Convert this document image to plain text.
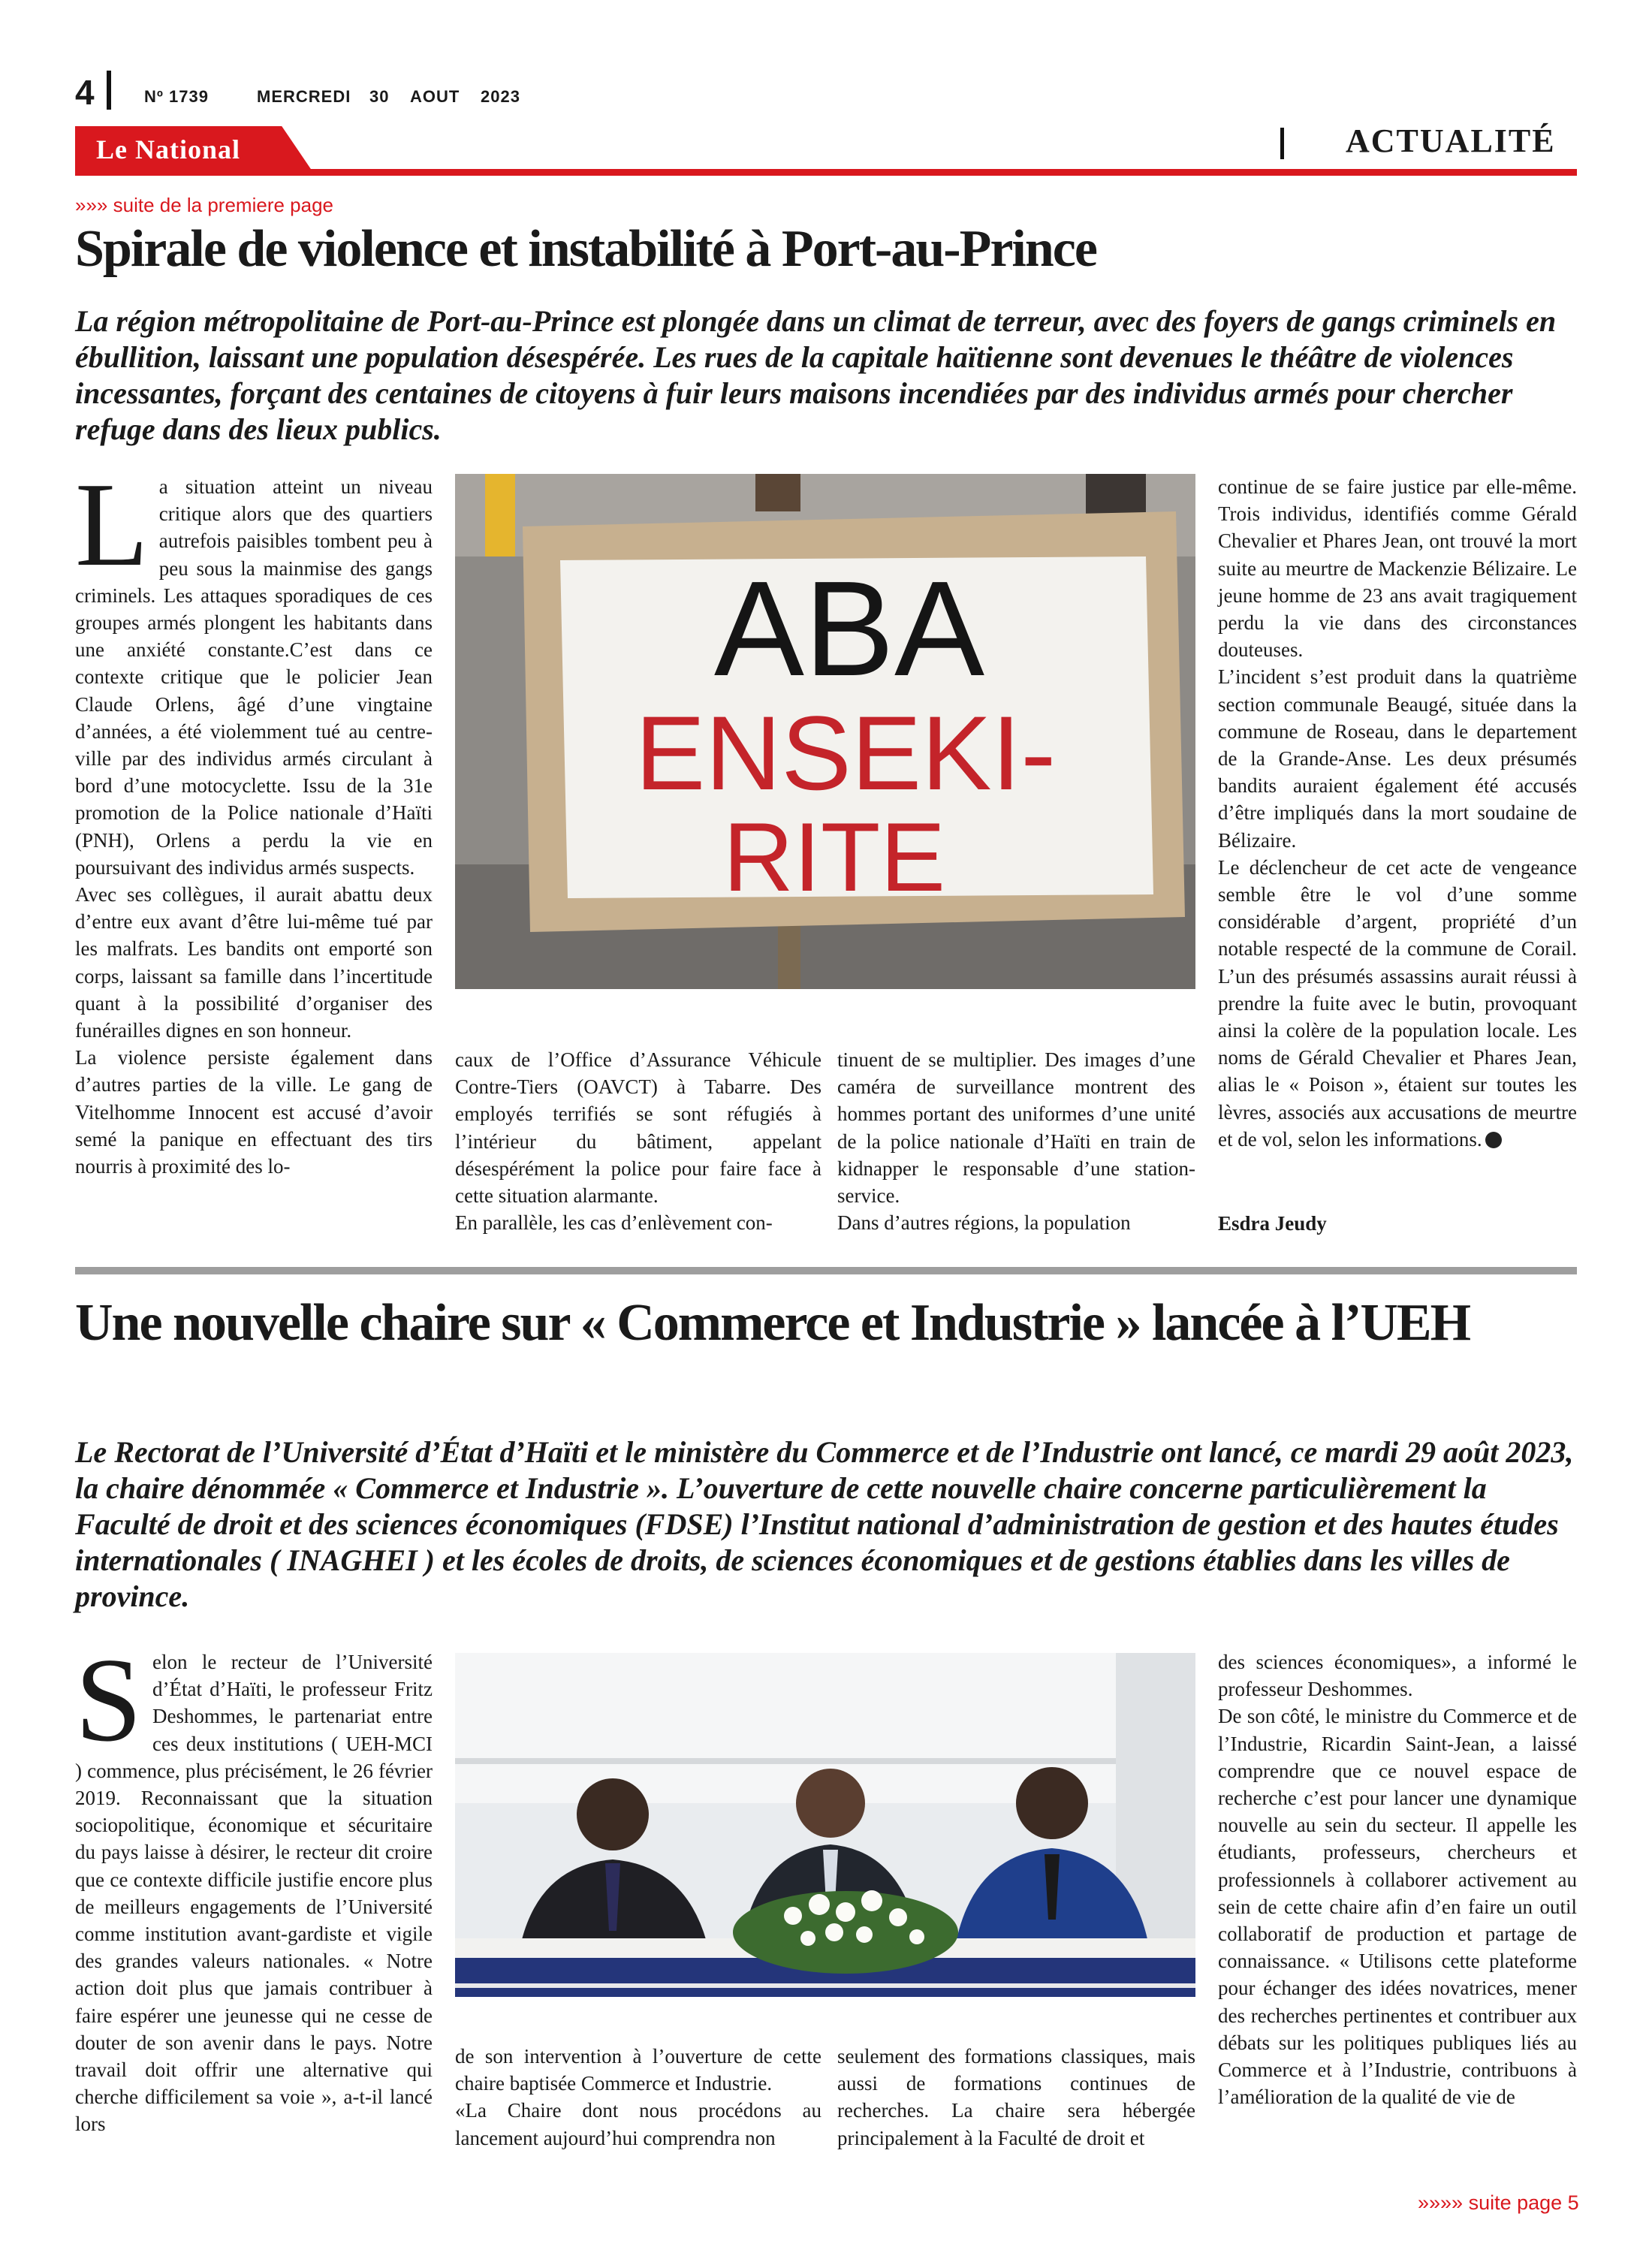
4	Nº 1739	MERCREDI 30 AOUT 2023
Le National	ACTUALITÉ
»»» suite de la premiere page
Spirale de violence et instabilité à Port-au-Prince
La région métropolitaine de Port-au-Prince est plongée dans un climat de terreur, avec des foyers de gangs criminels en ébullition, laissant une population désespérée. Les rues de la capitale haïtienne sont devenues le théâtre de violences incessantes, forçant des centaines de citoyens à fuir leurs maisons incendiées par des individus armés pour chercher refuge dans des lieux publics.
L a situation atteint un niveau critique alors que des quartiers autrefois paisibles tombent peu à peu sous la mainmise des gangs criminels. Les attaques sporadiques de ces groupes armés plongent les habitants dans une anxiété constante.C’est dans ce contexte critique que le policier Jean Claude Orlens, âgé d’une vingtaine d’années, a été violemment tué au centre-ville par des individus armés circulant à bord d’une motocyclette. Issu de la 31e promotion de la Police nationale d’Haïti (PNH), Orlens a perdu la vie en poursuivant des individus armés suspects.

Avec ses collègues, il aurait abattu deux d’entre eux avant d’être lui-même tué par les malfrats. Les bandits ont emporté son corps, laissant sa famille dans l’incertitude quant à la possibilité d’organiser des funérailles dignes en son honneur.

La violence persiste également dans d’autres parties de la ville. Le gang de Vitelhomme Innocent est accusé d’avoir semé la panique en effectuant des tirs nourris à proximité des lo-

ABA
ENSEKI-
RITE

caux de l’Office d’Assurance Véhicule Contre-Tiers (OAVCT) à Tabarre. Des employés terrifiés se sont réfugiés à l’intérieur du bâtiment, appelant désespérément la police pour faire face à cette situation alarmante.

En parallèle, les cas d’enlèvement con-

tinuent de se multiplier. Des images d’une caméra de surveillance montrent des hommes portant des uniformes d’une unité de la police nationale d’Haïti en train de kidnapper le responsable d’une station-service.

Dans d’autres régions, la population

continue de se faire justice par elle-même. Trois individus, identifiés comme Gérald Chevalier et Phares Jean, ont trouvé la mort suite au meurtre de Mackenzie Bélizaire. Le jeune homme de 23 ans avait tragiquement perdu la vie dans des circonstances douteuses.

L’incident s’est produit dans la quatrième section communale Beaugé, située dans la commune de Roseau, dans le departement de la Grande-Anse. Les deux présumés bandits auraient également été accusés d’être impliqués dans la mort soudaine de Bélizaire.

Le déclencheur de cet acte de vengeance semble être le vol d’une somme considérable d’argent, propriété d’un notable respecté de la commune de Corail. L’un des présumés assassins aurait réussi à prendre la fuite avec le butin, provoquant ainsi la colère de la population locale. Les noms de Gérald Chevalier et Phares Jean, alias le « Poison », étaient sur toutes les lèvres, associés aux accusations de meurtre et de vol, selon les informations.

Esdra Jeudy
Une nouvelle chaire sur « Commerce et Industrie » lancée à l’UEH
Le Rectorat de l’Université d’État d’Haïti et le ministère du Commerce et de l’Industrie ont lancé, ce mardi 29 août 2023, la chaire dénommée « Commerce et Industrie ». L’ouverture de cette nouvelle chaire concerne particulièrement la Faculté de droit et des sciences économiques (FDSE) l’Institut national d’administration de gestion et des hautes études internationales ( INAGHEI ) et les écoles de droits, de sciences économiques et de gestions établies dans les villes de province.
S elon le recteur de l’Université d’État d’Haïti, le professeur Fritz Deshommes, le partenariat entre ces deux institutions ( UEH-MCI ) commence, plus précisément, le 26 février 2019. Reconnaissant que la situation sociopolitique, économique et sécuritaire du pays laisse à désirer, le recteur dit croire que ce contexte difficile justifie encore plus de meilleurs engagements de l’Université comme institution avant-gardiste et vigile des grandes valeurs nationales. « Notre action doit plus que jamais contribuer à faire espérer une jeunesse qui ne cesse de douter de son avenir dans le pays. Notre travail doit offrir une alternative qui cherche difficilement sa voie », a-t-il lancé lors

de son intervention à l’ouverture de cette chaire baptisée Commerce et Industrie.

«La Chaire dont nous procédons au lancement aujourd’hui comprendra non

seulement des formations classiques, mais aussi de formations continues de recherches. La chaire sera hébergée principalement à la Faculté de droit et

des sciences économiques», a informé le professeur Deshommes.

De son côté, le ministre du Commerce et de l’Industrie, Ricardin Saint-Jean, a laissé comprendre que ce nouvel espace de recherche c’est pour lancer une dynamique nouvelle au sein du secteur. Il appelle les étudiants, professeurs, chercheurs et professionnels à collaborer activement au sein de cette chaire afin d’en faire un outil collaboratif de production et partage de connaissance. « Utilisons cette plateforme pour échanger des idées novatrices, mener des recherches pertinentes et contribuer aux débats sur les politiques publiques liés au Commerce et à l’Industrie, contribuons à l’amélioration de la qualité de vie de

»»»» suite page 5
